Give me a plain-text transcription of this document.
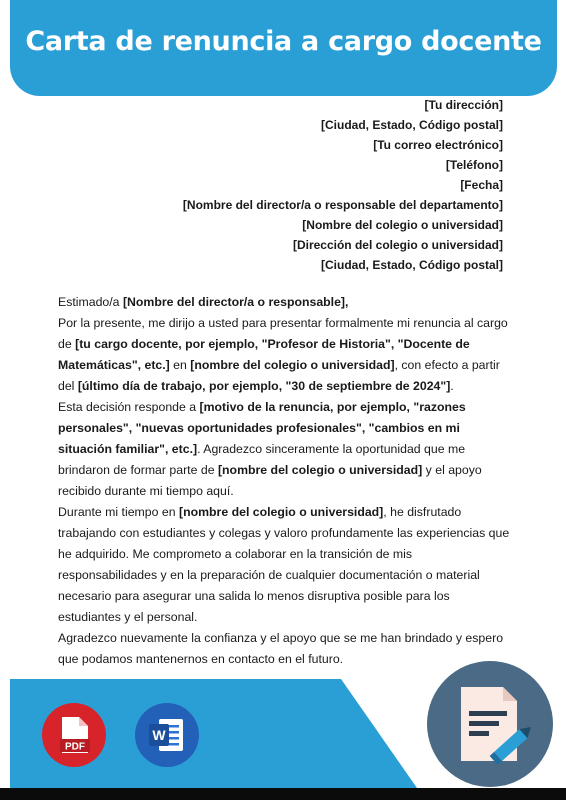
Carta de renuncia a cargo docente
[Tu dirección]
[Ciudad, Estado, Código postal]
[Tu correo electrónico]
[Teléfono]
[Fecha]
[Nombre del director/a o responsable del departamento]
[Nombre del colegio o universidad]
[Dirección del colegio o universidad]
[Ciudad, Estado, Código postal]

Estimado/a [Nombre del director/a o responsable],

Por la presente, me dirijo a usted para presentar formalmente mi renuncia al cargo de [tu cargo docente, por ejemplo, "Profesor de Historia", "Docente de Matemáticas", etc.] en [nombre del colegio o universidad], con efecto a partir del [último día de trabajo, por ejemplo, "30 de septiembre de 2024"].

Esta decisión responde a [motivo de la renuncia, por ejemplo, "razones personales", "nuevas oportunidades profesionales", "cambios en mi situación familiar", etc.]. Agradezco sinceramente la oportunidad que me brindaron de formar parte de [nombre del colegio o universidad] y el apoyo recibido durante mi tiempo aquí.

Durante mi tiempo en [nombre del colegio o universidad], he disfrutado trabajando con estudiantes y colegas y valoro profundamente las experiencias que he adquirido. Me comprometo a colaborar en la transición de mis responsabilidades y en la preparación de cualquier documentación o material necesario para asegurar una salida lo menos disruptiva posible para los estudiantes y el personal.

Agradezco nuevamente la confianza y el apoyo que se me han brindado y espero que podamos mantenernos en contacto en el futuro.

PDF
W
